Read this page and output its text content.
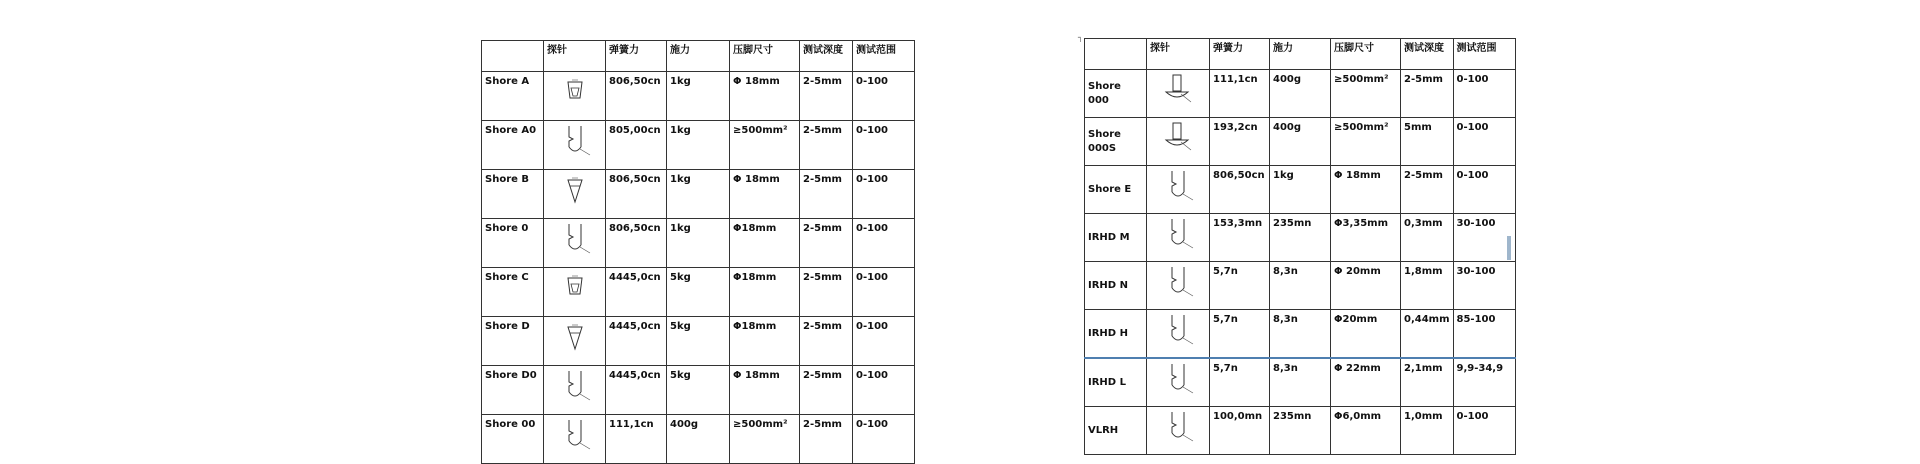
	探针	弹簧力	施力	压脚尺寸	测试深度	测试范围
Shore A		806,50cn	1kg	Φ 18mm	2-5mm	0-100
Shore A0		805,00cn	1kg	≥500mm²	2-5mm	0-100
Shore B		806,50cn	1kg	Φ 18mm	2-5mm	0-100
Shore 0		806,50cn	1kg	Φ18mm	2-5mm	0-100
Shore C		4445,0cn	5kg	Φ18mm	2-5mm	0-100
Shore D		4445,0cn	5kg	Φ18mm	2-5mm	0-100
Shore D0		4445,0cn	5kg	Φ 18mm	2-5mm	0-100
Shore 00		111,1cn	400g	≥500mm²	2-5mm	0-100
	探针	弹簧力	施力	压脚尺寸	测试深度	测试范围
Shore 000		111,1cn	400g	≥500mm²	2-5mm	0-100
Shore 000S		193,2cn	400g	≥500mm²	5mm	0-100
Shore E		806,50cn	1kg	Φ 18mm	2-5mm	0-100
IRHD M		153,3mn	235mn	Φ3,35mm	0,3mm	30-100
IRHD N		5,7n	8,3n	Φ 20mm	1,8mm	30-100
IRHD H		5,7n	8,3n	Φ20mm	0,44mm	85-100
IRHD L		5,7n	8,3n	Φ 22mm	2,1mm	9,9-34,9
VLRH		100,0mn	235mn	Φ6,0mm	1,0mm	0-100
┐
